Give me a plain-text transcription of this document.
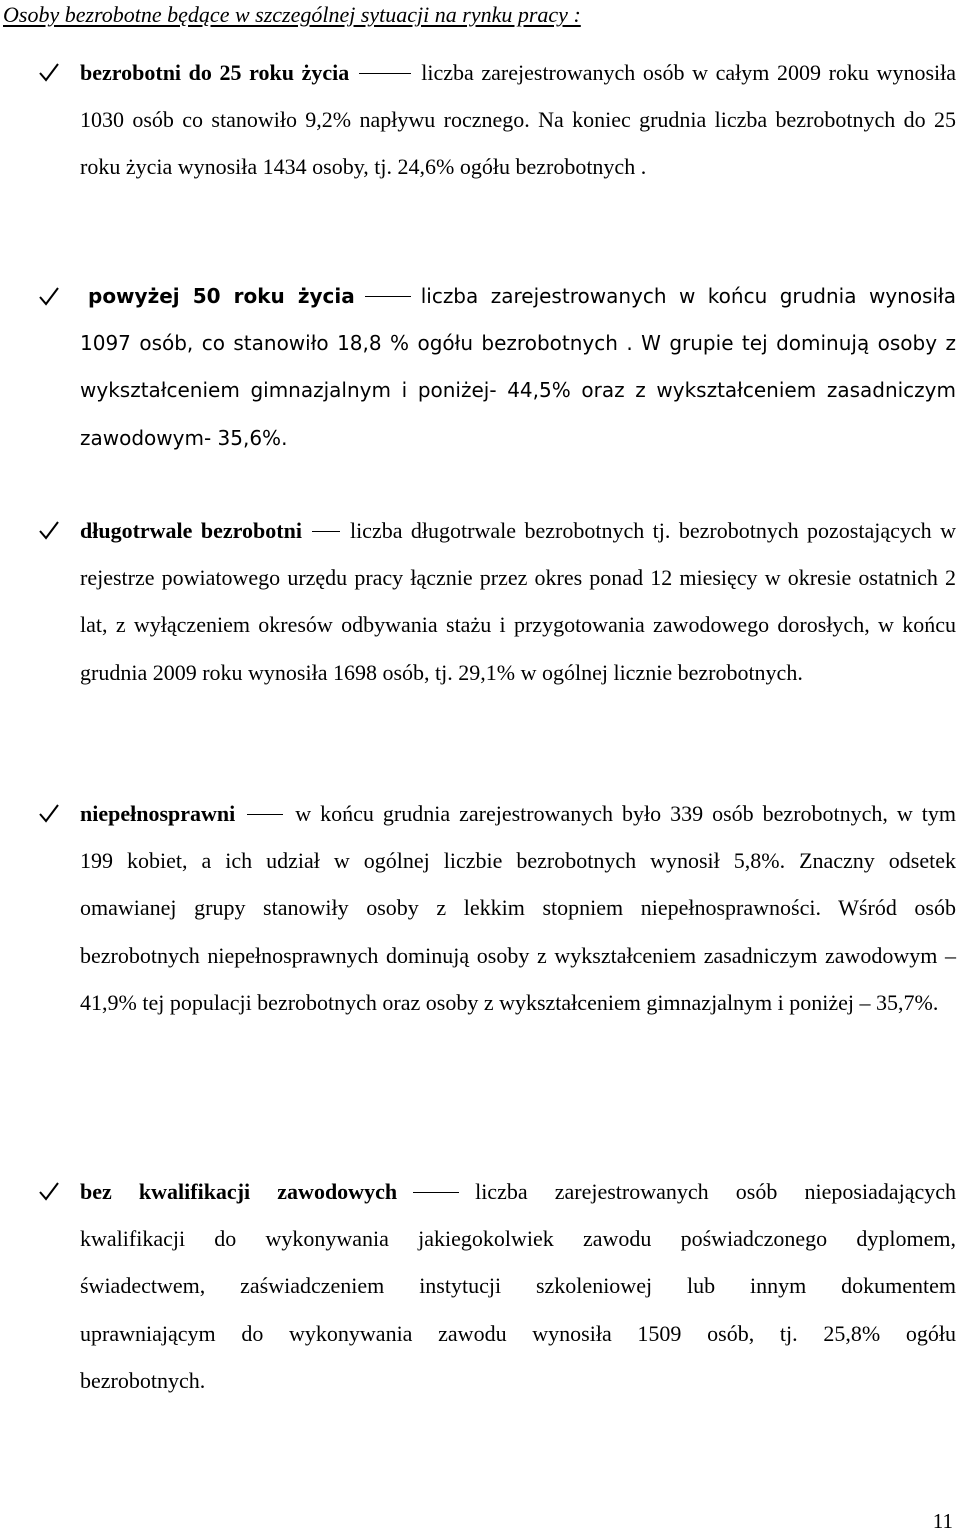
Osoby bezrobotne będące w szczególnej sytuacji na rynku pracy :
bezrobotni do 25 roku życia	liczba zarejestrowanych osób w całym 2009 roku wynosiła 1030 osób co stanowiło 9,2% napływu rocznego. Na koniec grudnia liczba bezrobotnych do 25 roku życia wynosiła 1434 osoby, tj. 24,6% ogółu bezrobotnych .
powyżej 50 roku życia	liczba zarejestrowanych w końcu grudnia wynosiła 1097 osób, co stanowiło 18,8 % ogółu bezrobotnych . W grupie tej dominują osoby z wykształceniem gimnazjalnym i poniżej- 44,5% oraz z wykształceniem zasadniczym zawodowym- 35,6%.
długotrwale bezrobotni liczba długotrwale bezrobotnych tj. bezrobotnych pozostających w rejestrze powiatowego urzędu pracy łącznie przez okres ponad 12 miesięcy w okresie ostatnich 2 lat, z wyłączeniem okresów odbywania stażu i przygotowania zawodowego dorosłych, w końcu grudnia 2009 roku wynosiła 1698 osób, tj. 29,1% w ogólnej licznie bezrobotnych.
niepełnosprawni	w końcu grudnia zarejestrowanych było 339 osób bezrobotnych, w tym 199 kobiet, a ich udział w ogólnej liczbie bezrobotnych wynosił 5,8%. Znaczny odsetek omawianej grupy stanowiły osoby z lekkim stopniem niepełnosprawności. Wśród osób bezrobotnych niepełnosprawnych dominują osoby z wykształceniem zasadniczym zawodowym – 41,9% tej populacji bezrobotnych oraz osoby z wykształceniem gimnazjalnym i poniżej – 35,7%.
bez kwalifikacji zawodowych	liczba zarejestrowanych osób nieposiadających kwalifikacji do wykonywania jakiegokolwiek zawodu poświadczonego dyplomem, świadectwem, zaświadczeniem instytucji szkoleniowej lub innym dokumentem uprawniającym do wykonywania zawodu wynosiła 1509 osób, tj. 25,8% ogółu bezrobotnych.
11
